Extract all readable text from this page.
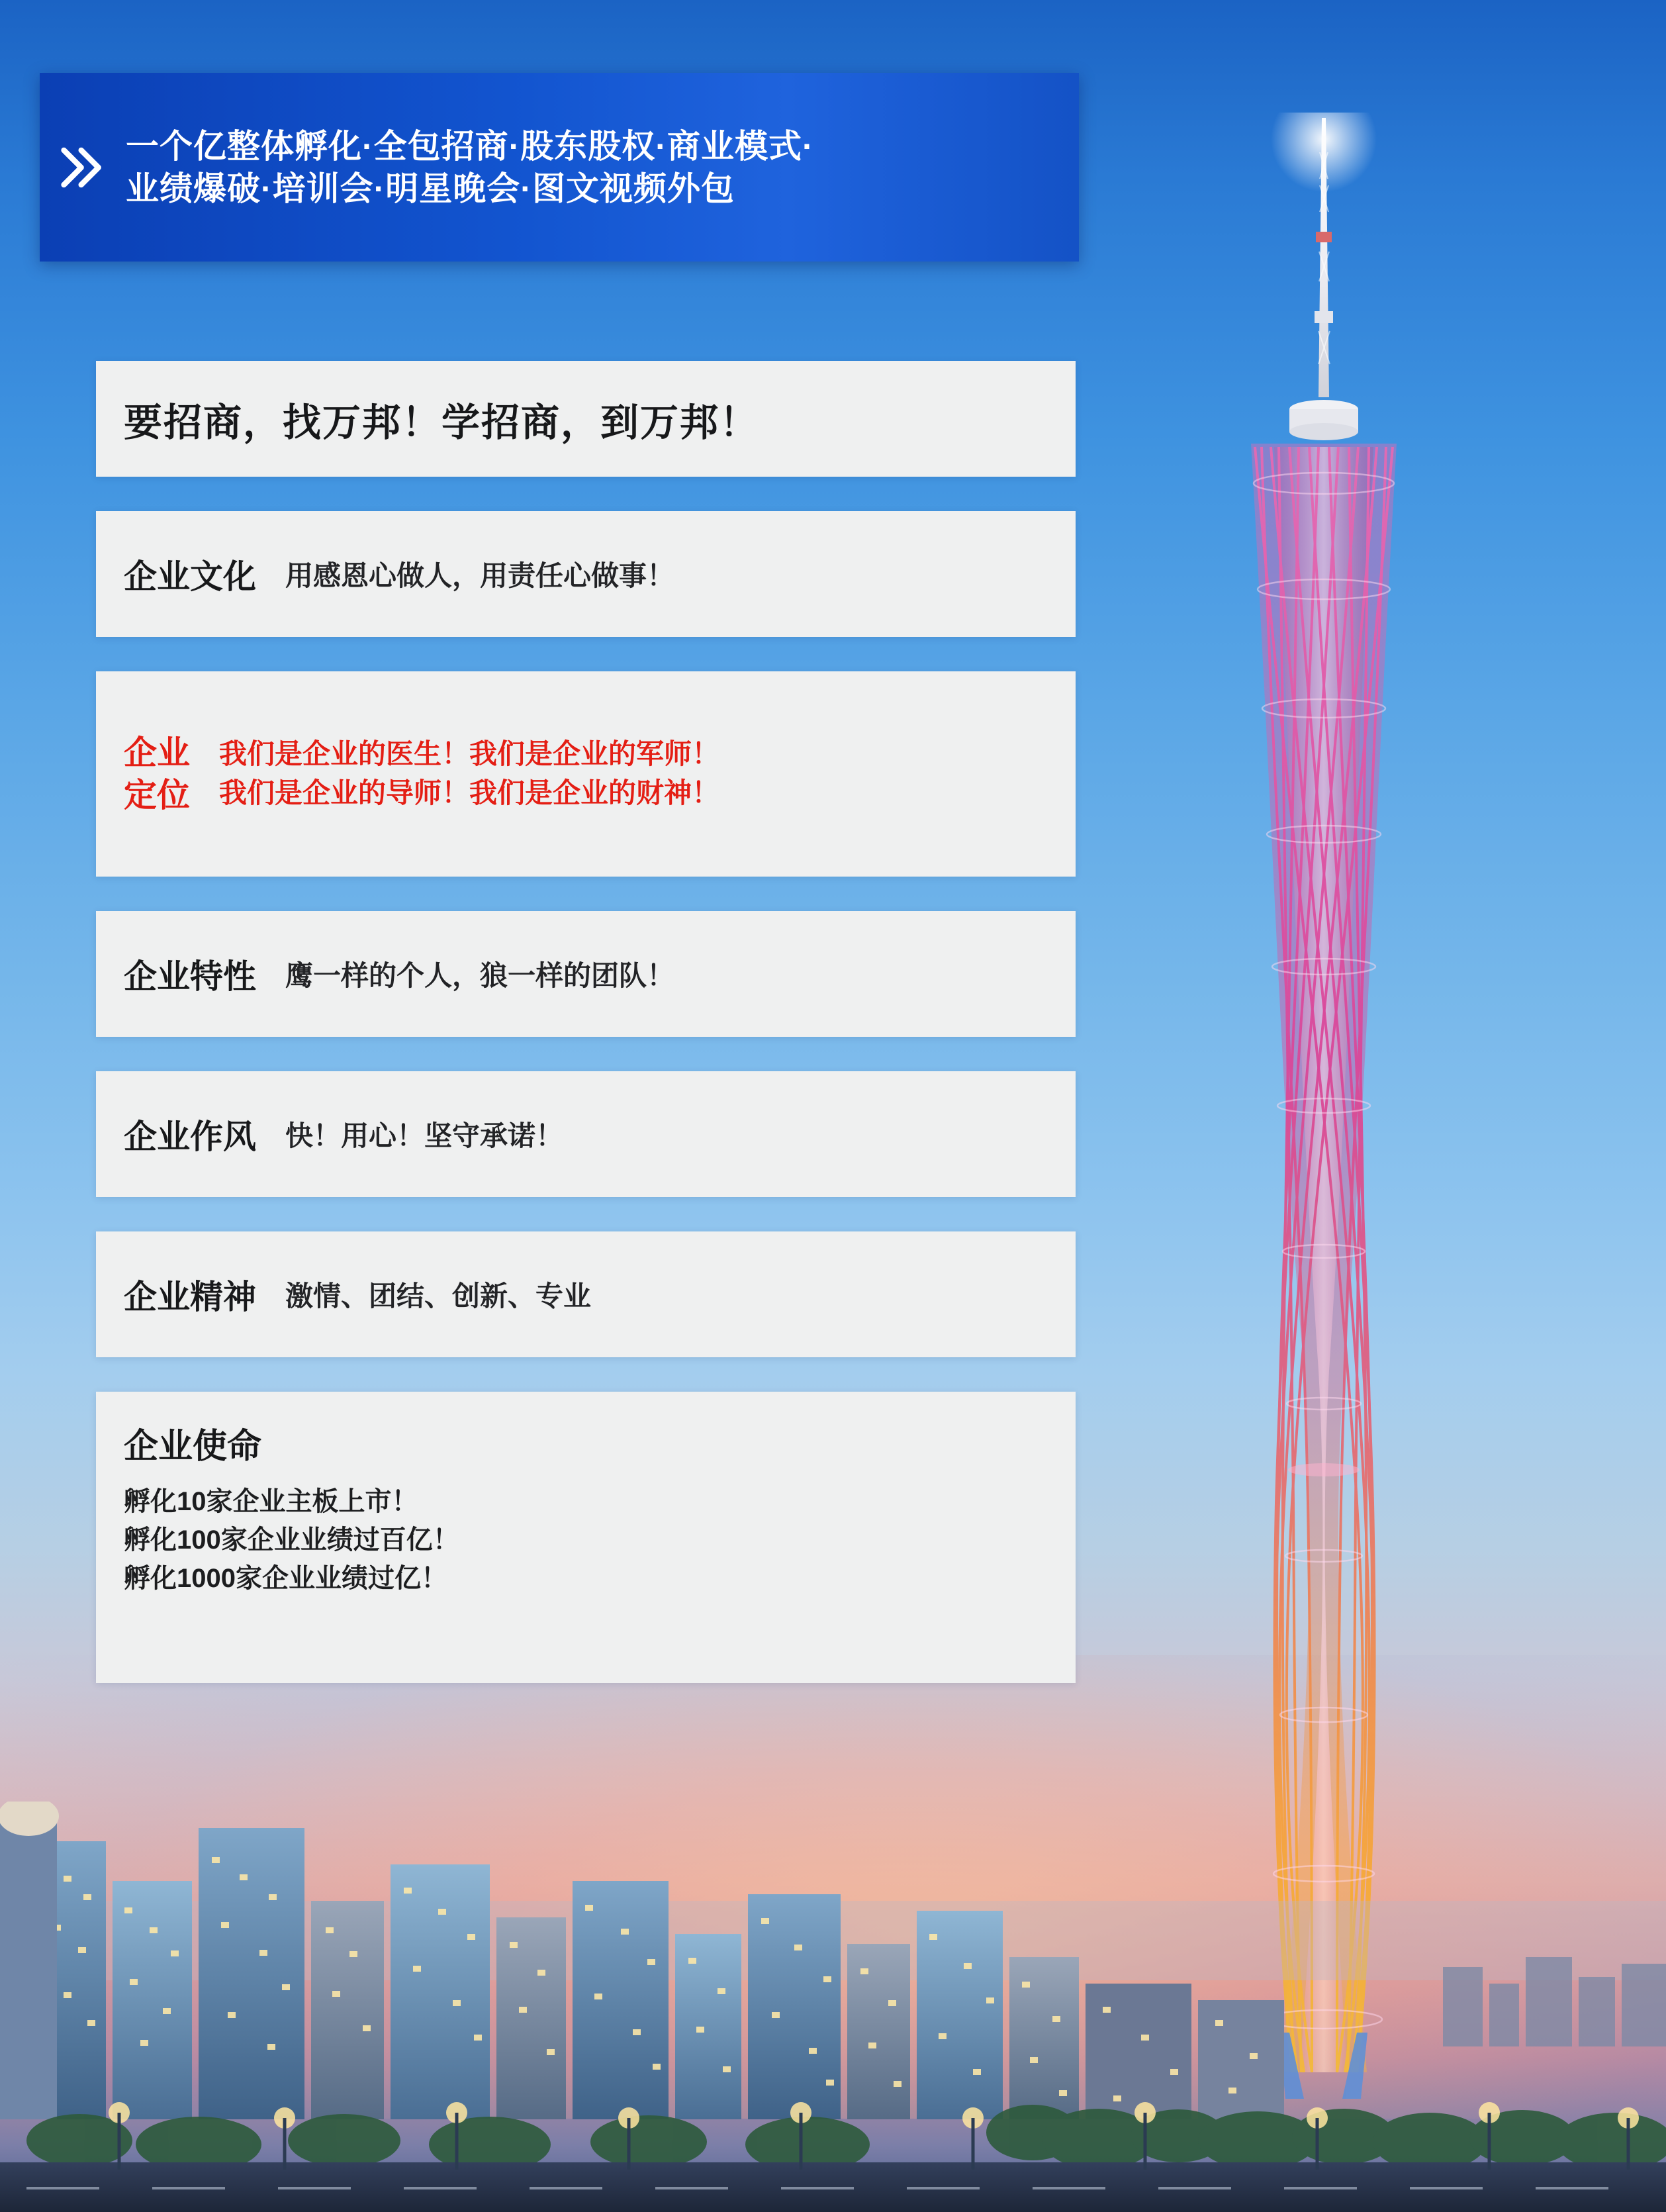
一个亿整体孵化·全包招商·股东股权·商业模式·
业绩爆破·培训会·明星晚会·图文视频外包
要招商，找万邦！学招商，到万邦！
企业文化 用感恩心做人，用责任心做事！
企业
定位
我们是企业的医生！我们是企业的军师！
我们是企业的导师！我们是企业的财神！
企业特性 鹰一样的个人，狼一样的团队！
企业作风 快！用心！坚守承诺！
企业精神 激情、团结、创新、专业
企业使命
孵化10家企业主板上市！
孵化100家企业业绩过百亿！
孵化1000家企业业绩过亿！
